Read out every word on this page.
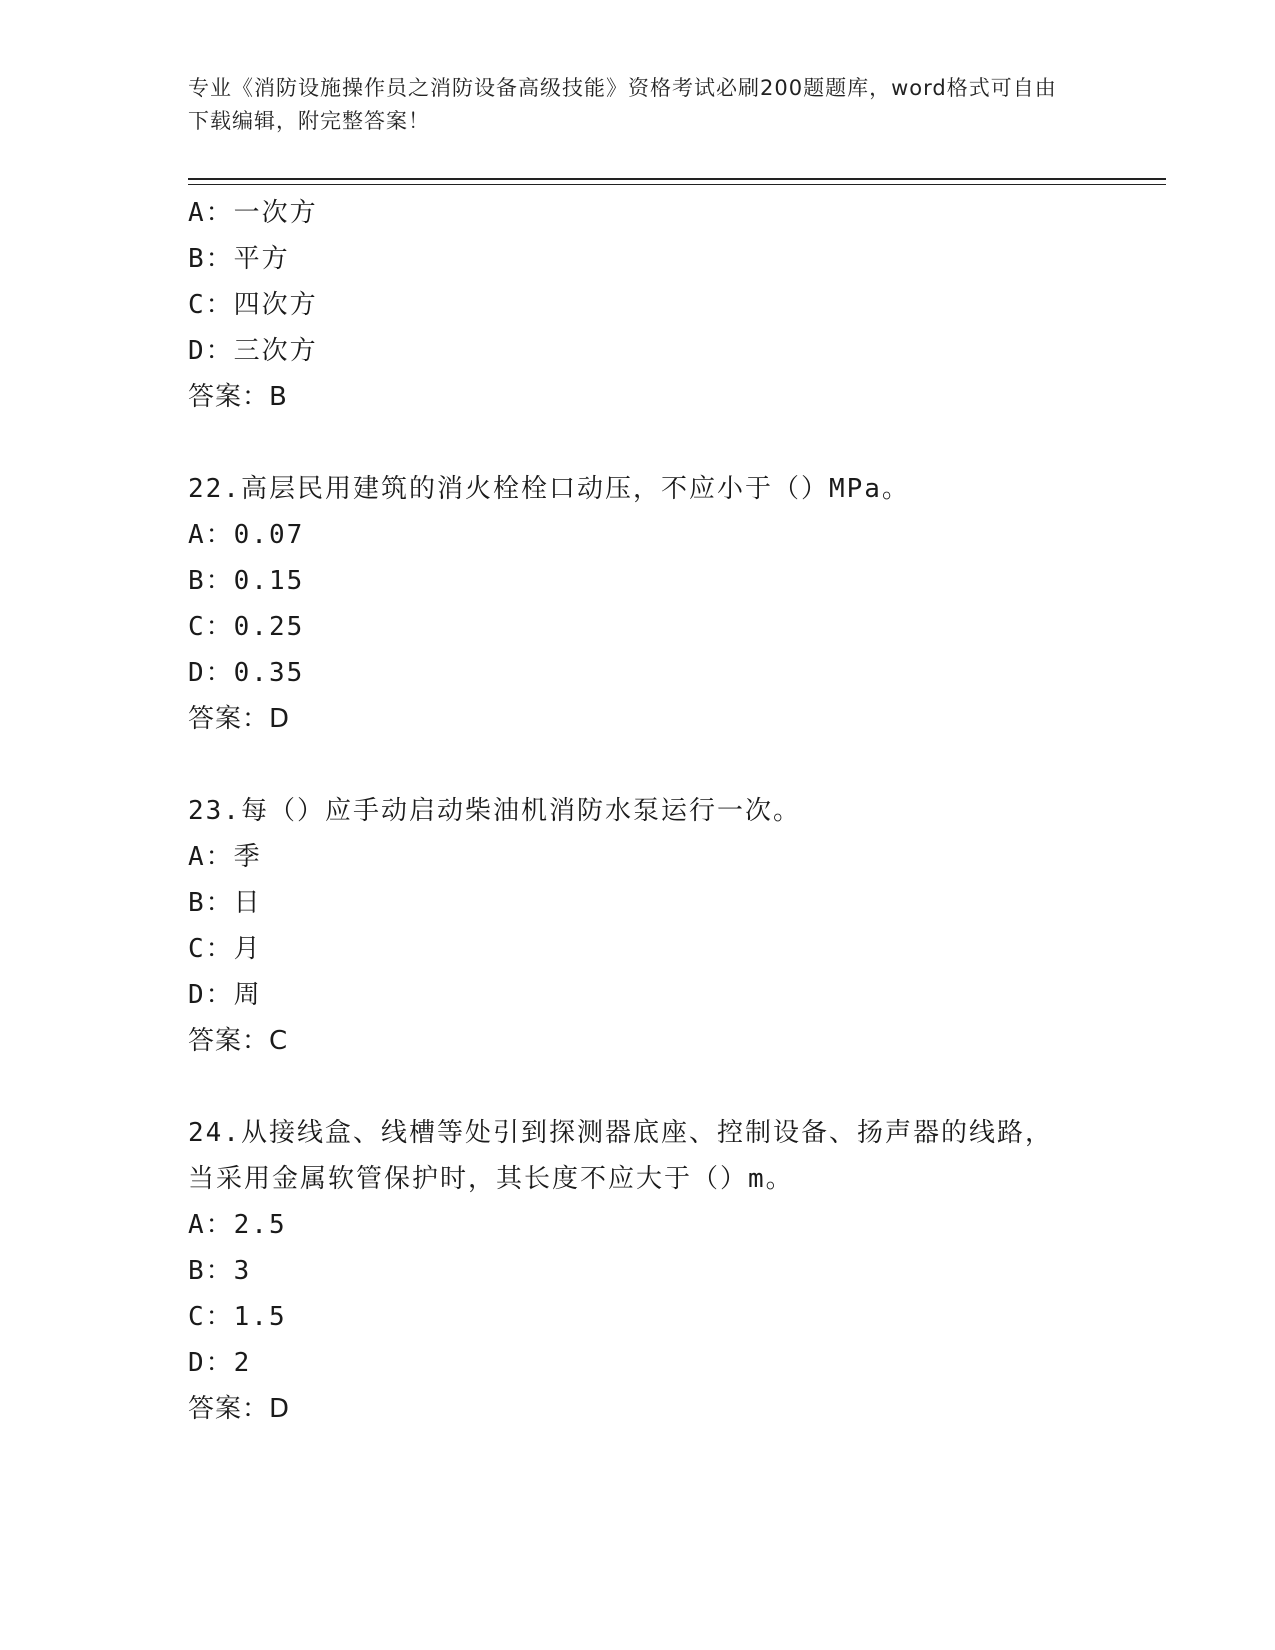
专业《消防设施操作员之消防设备高级技能》资格考试必刷200题题库，word格式可自由下载编辑，附完整答案！
A：一次方
B：平方
C：四次方
D：三次方
答案：B
22.高层民用建筑的消火栓栓口动压，不应小于（）MPa。
A：0.07
B：0.15
C：0.25
D：0.35
答案：D
23.每（）应手动启动柴油机消防水泵运行一次。
A：季
B：日
C：月
D：周
答案：C
24.从接线盒、线槽等处引到探测器底座、控制设备、扬声器的线路，当采用金属软管保护时，其长度不应大于（）m。
A：2.5
B：3
C：1.5
D：2
答案：D
